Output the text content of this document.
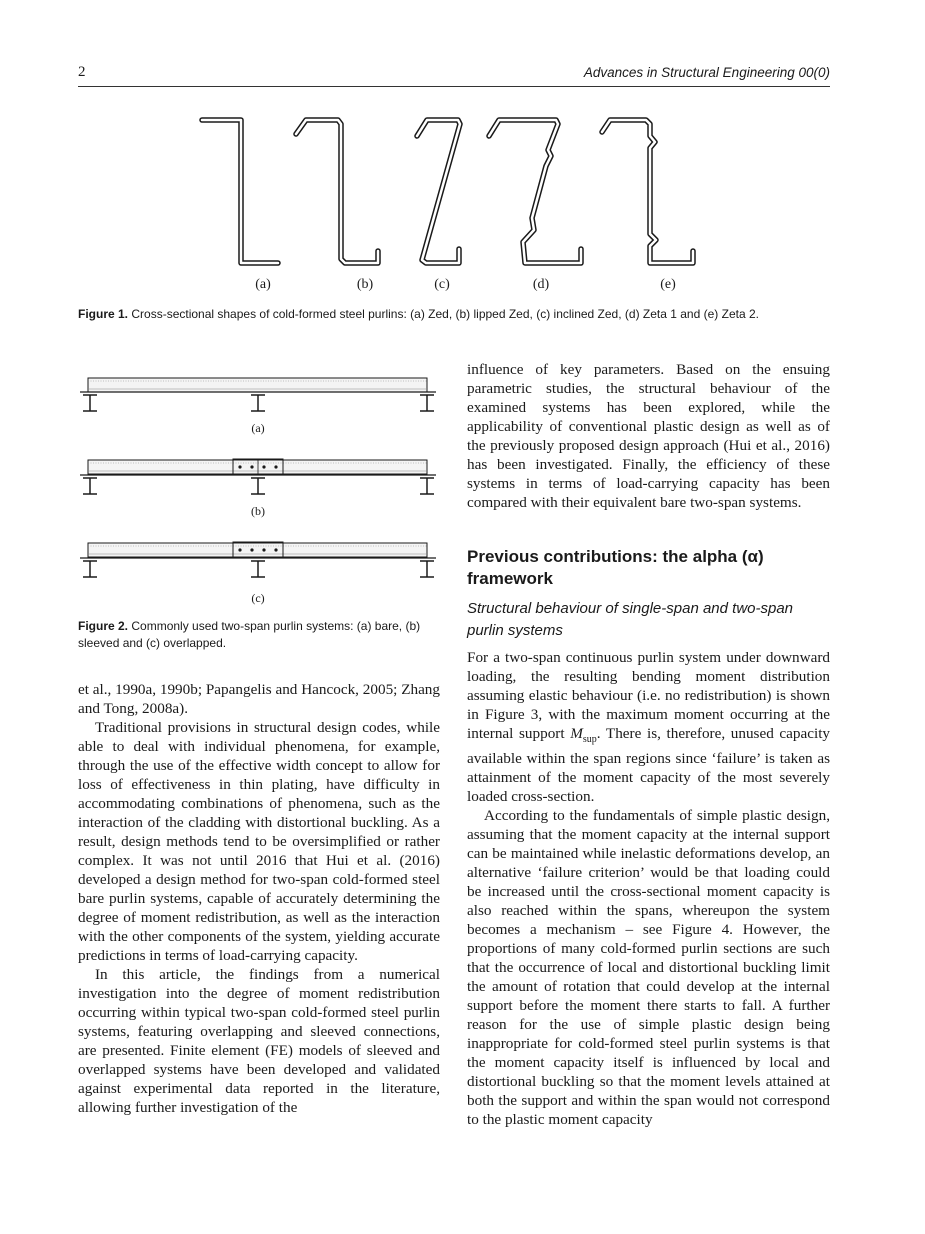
2	Advances in Structural Engineering 00(0)
(a)	(b)	(c)	(d)	(e)
Figure 1. Cross-sectional shapes of cold-formed steel purlins: (a) Zed, (b) lipped Zed, (c) inclined Zed, (d) Zeta 1 and (e) Zeta 2.
(a)
(b)
(c)
Figure 2. Commonly used two-span purlin systems: (a) bare, (b) sleeved and (c) overlapped.

et al., 1990a, 1990b; Papangelis and Hancock, 2005; Zhang and Tong, 2008a).

Traditional provisions in structural design codes, while able to deal with individual phenomena, for example, through the use of the effective width concept to allow for loss of effectiveness in thin plating, have difficulty in accommodating combinations of phenomena, such as the interaction of the cladding with distortional buckling. As a result, design methods tend to be oversimplified or rather complex. It was not until 2016 that Hui et al. (2016) developed a design method for two-span cold-formed steel bare purlin systems, capable of accurately determining the degree of moment redistribution, as well as the interaction with the other components of the system, yielding accurate predictions in terms of load-carrying capacity.

In this article, the findings from a numerical investigation into the degree of moment redistribution occurring within typical two-span cold-formed steel purlin systems, featuring overlapping and sleeved connections, are presented. Finite element (FE) models of sleeved and overlapped systems have been developed and validated against experimental data reported in the literature, allowing further investigation of the

influence of key parameters. Based on the ensuing parametric studies, the structural behaviour of the examined systems has been explored, while the applicability of conventional plastic design as well as of the previously proposed design approach (Hui et al., 2016) has been investigated. Finally, the efficiency of these systems in terms of load-carrying capacity has been compared with their equivalent bare two-span systems.

Previous contributions: the alpha (α) framework
Structural behaviour of single-span and two-span purlin systems

For a two-span continuous purlin system under downward loading, the resulting bending moment distribution assuming elastic behaviour (i.e. no redistribution) is shown in Figure 3, with the maximum moment occurring at the internal support $M_{sup}$. There is, therefore, unused capacity available within the span regions since ‘failure’ is taken as attainment of the moment capacity of the most severely loaded cross-section.

According to the fundamentals of simple plastic design, assuming that the moment capacity at the internal support can be maintained while inelastic deformations develop, an alternative ‘failure criterion’ would be that loading could be increased until the cross-sectional moment capacity is also reached within the spans, whereupon the system becomes a mechanism – see Figure 4. However, the proportions of many cold-formed purlin sections are such that the occurrence of local and distortional buckling limit the amount of rotation that could develop at the internal support before the moment there starts to fall. A further reason for the use of simple plastic design being inappropriate for cold-formed steel purlin systems is that the moment capacity itself is influenced by local and distortional buckling so that the moment levels attained at both the support and within the span would not correspond to the plastic moment capacity
